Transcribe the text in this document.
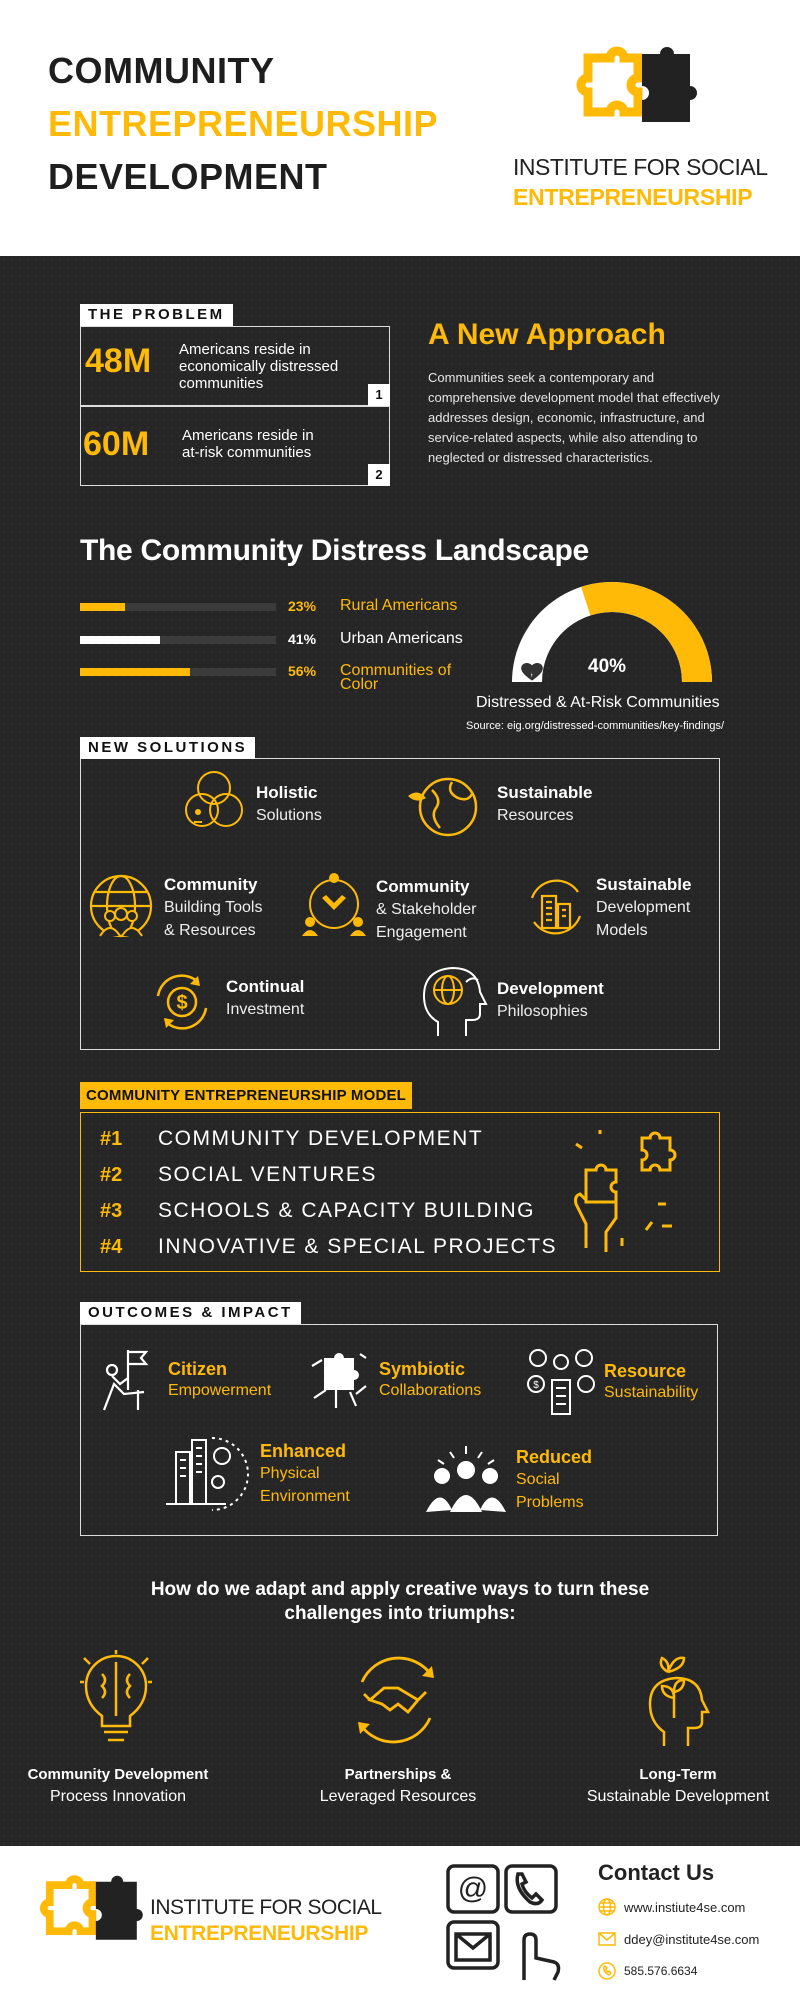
COMMUNITY
ENTREPRENEURSHIP
DEVELOPMENT	INSTITUTE FOR SOCIAL
ENTREPRENEURSHIP
THE PROBLEM
48M Americans reside in
economically distressed
communities
1
60M Americans reside in
at-risk communities
2
A New Approach
Communities seek a contemporary and comprehensive development model that effectively addresses design, economic, infrastructure, and service-related aspects, while also attending to neglected or distressed characteristics.
The Community Distress Landscape
23% Rural Americans
41% Urban Americans
56% Communities of
Color
40%
Distressed & At-Risk Communities
Source: eig.org/distressed-communities/key-findings/
NEW SOLUTIONS
Holistic
Solutions
Sustainable
Resources
Community
Building Tools
& Resources
Community
& Stakeholder
Engagement
Sustainable
Development
Models
$
Continual
Investment
Development
Philosophies
COMMUNITY ENTREPRENEURSHIP MODEL
#1 COMMUNITY DEVELOPMENT
#2 SOCIAL VENTURES
#3 SCHOOLS & CAPACITY BUILDING
#4 INNOVATIVE & SPECIAL PROJECTS
OUTCOMES & IMPACT
Citizen
Empowerment
Symbiotic
Collaborations	$
Resource
Sustainability
Enhanced
Physical
Environment
Reduced
Social
Problems
How do we adapt and apply creative ways to turn these
challenges into triumphs:
Community Development
Process Innovation
Partnerships &
Leveraged Resources
Long-Term
Sustainable Development
INSTITUTE FOR SOCIAL
ENTREPRENEURSHIP
@	Contact Us
www.instiute4se.com
ddey@institute4se.com
585.576.6634
